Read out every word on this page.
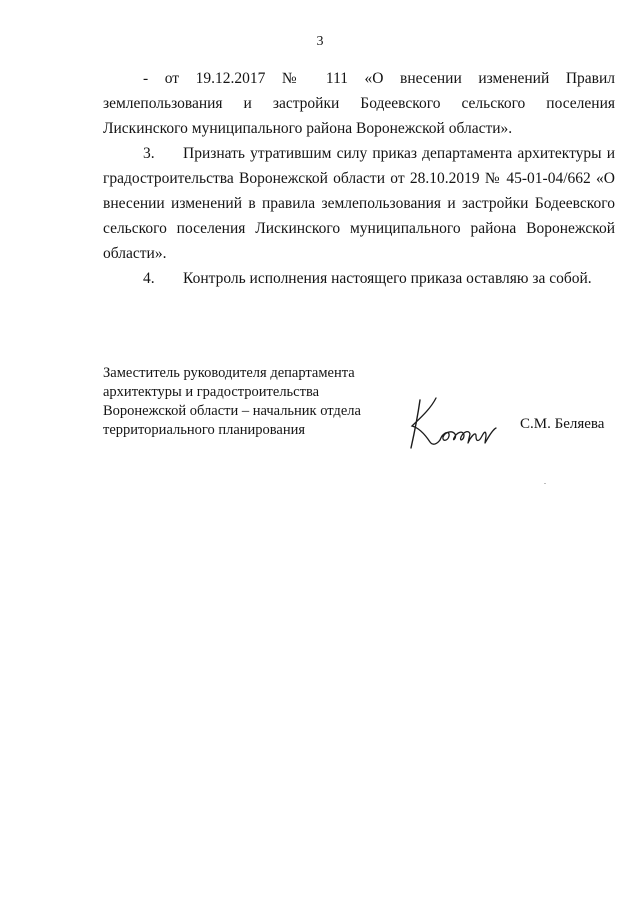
3

- от 19.12.2017 № 111 «О внесении изменений Правил землепользования и застройки Бодеевского сельского поселения Лискинского муниципального района Воронежской области».

3. Признать утратившим силу приказ департамента архитектуры и градостроительства Воронежской области от 28.10.2019 № 45-01-04/662 «О внесении изменений в правила землепользования и застройки Бодеевского сельского поселения Лискинского муниципального района Воронежской области».

4. Контроль исполнения настоящего приказа оставляю за собой.

Заместитель руководителя департамента
архитектуры и градостроительства
Воронежской области – начальник отдела
территориального планирования	С.М. Беляева
